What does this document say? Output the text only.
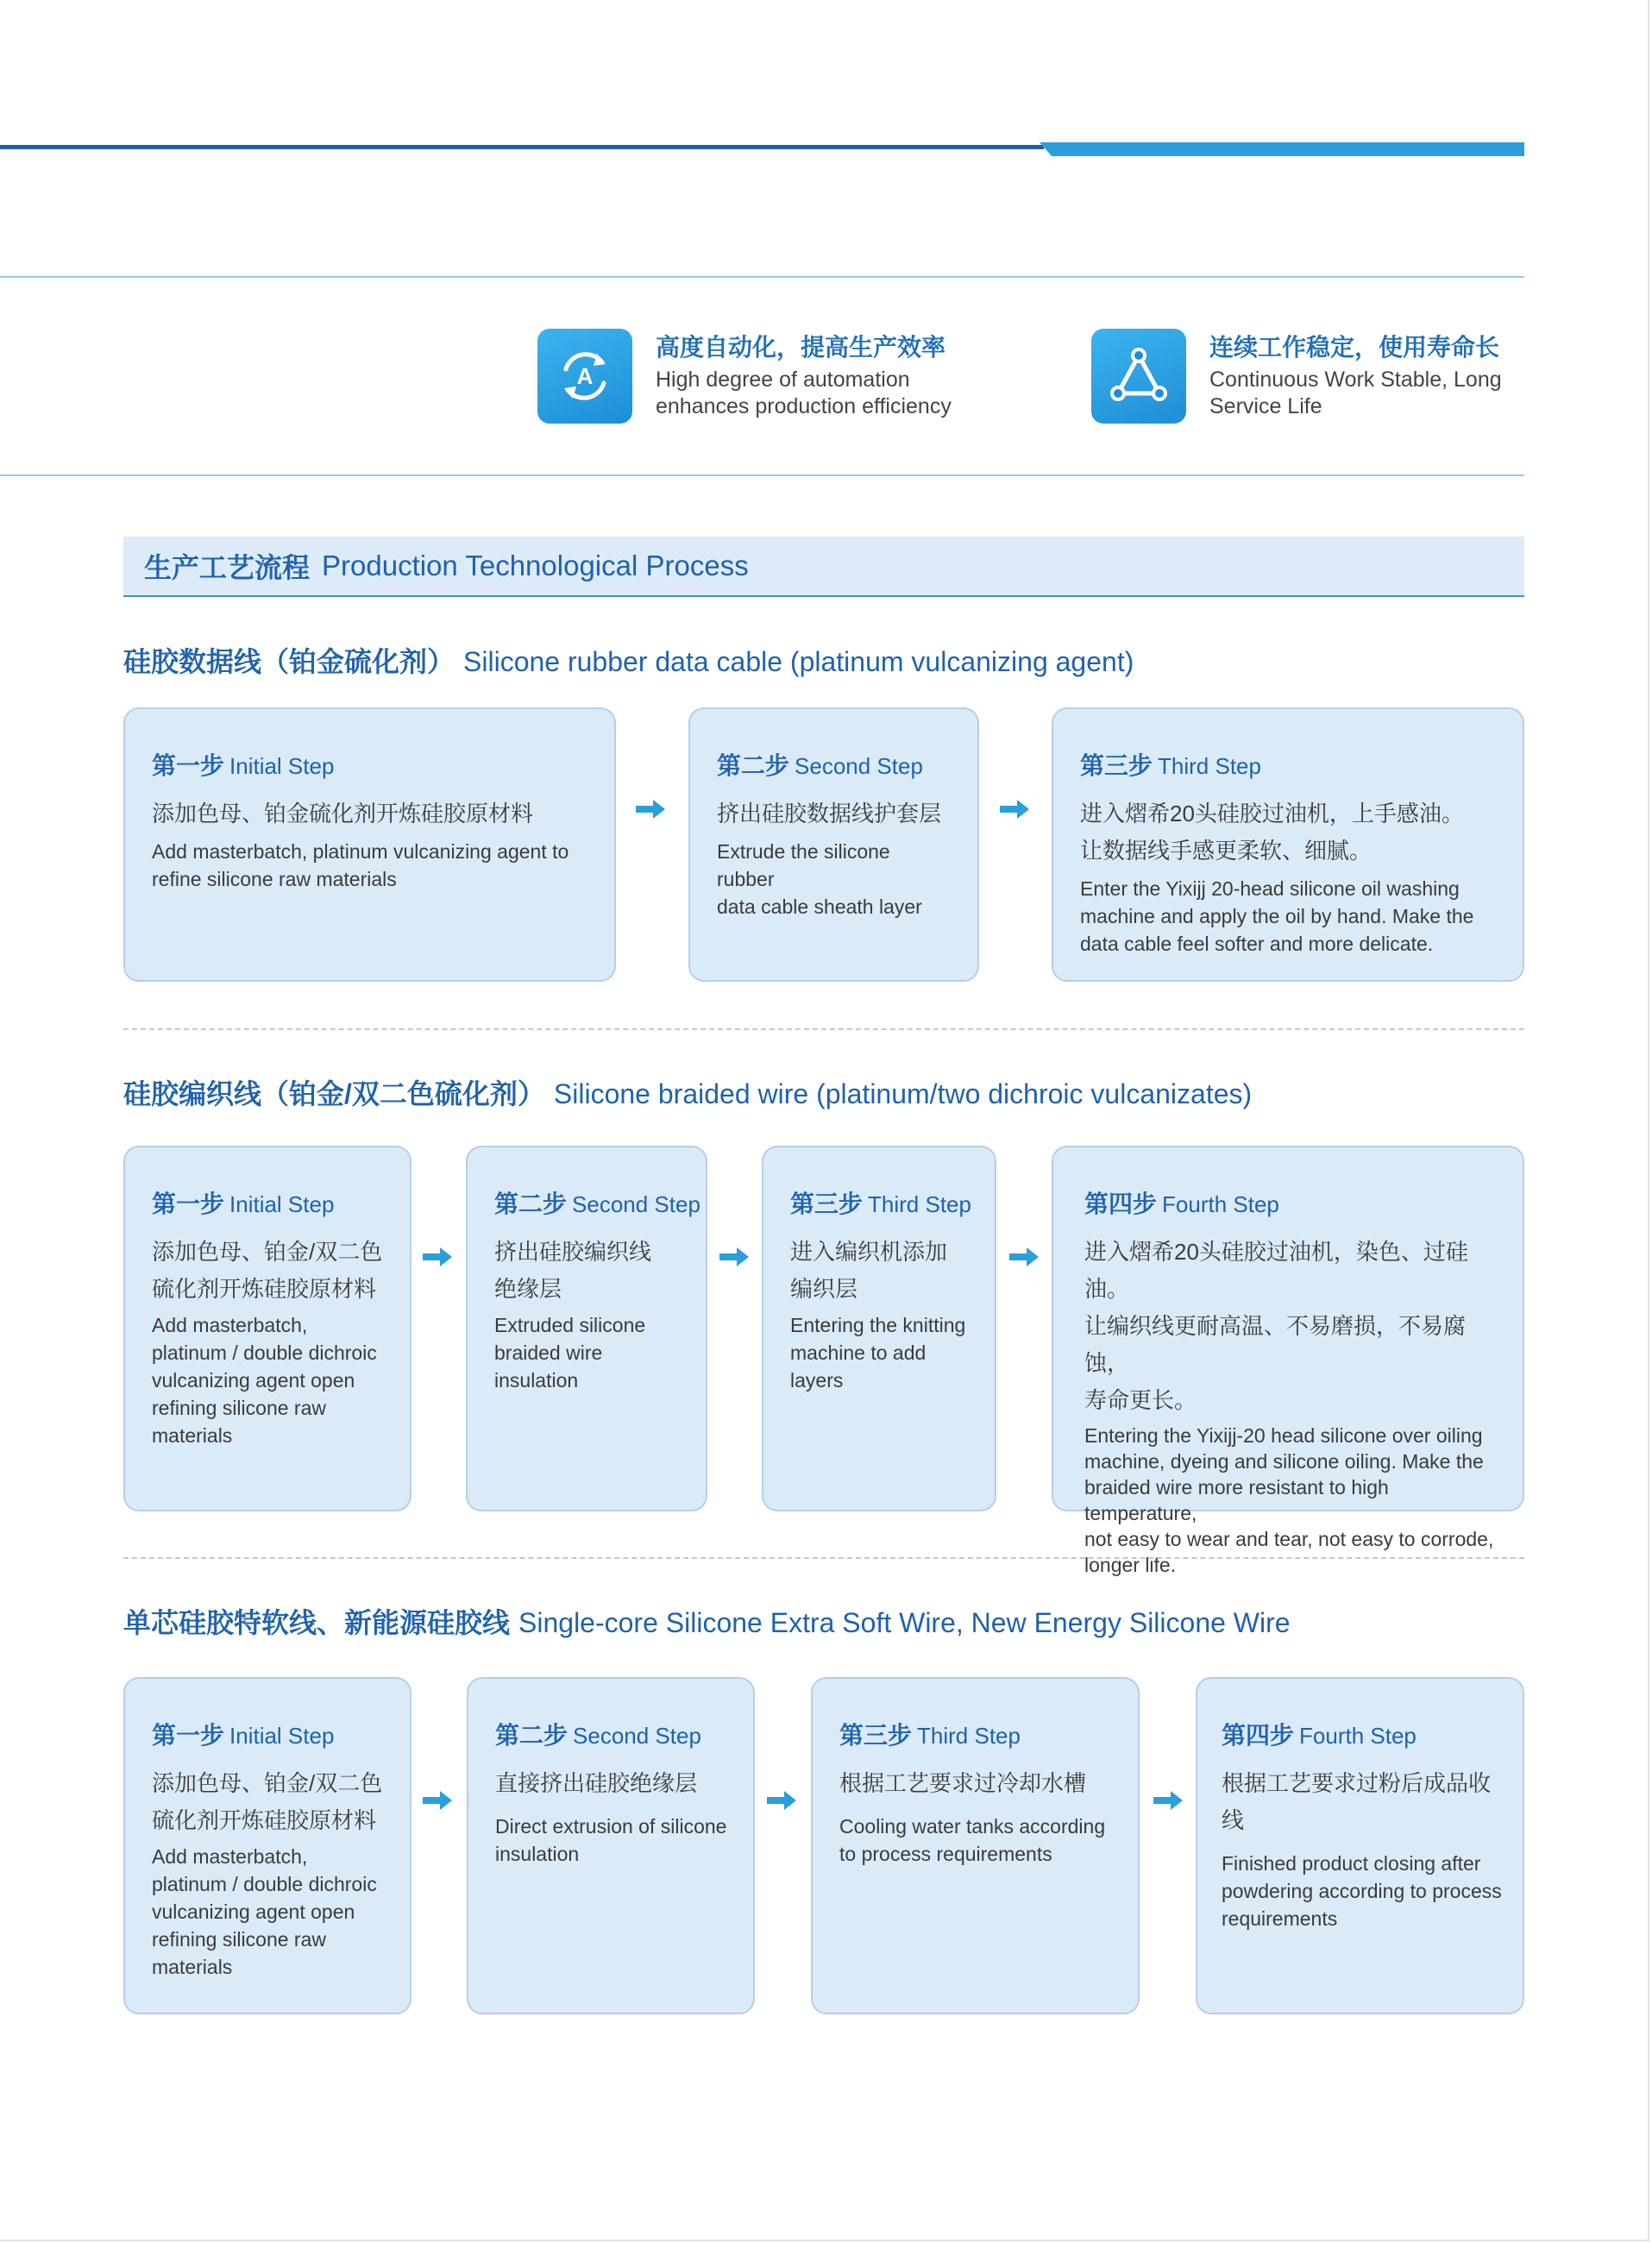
A
高度自动化，提高生产效率
High degree of automation
enhances production efficiency
连续工作稳定，使用寿命长
Continuous Work Stable, Long
Service Life
生产工艺流程 Production Technological Process
硅胶数据线（铂金硫化剂） Silicone rubber data cable (platinum vulcanizing agent)
第一步 Initial Step
添加色母、铂金硫化剂开炼硅胶原材料
Add masterbatch, platinum vulcanizing agent to
refine silicone raw materials
第二步 Second Step
挤出硅胶数据线护套层
Extrude the silicone rubber
data cable sheath layer
第三步 Third Step
进入熠希20头硅胶过油机，上手感油。
让数据线手感更柔软、细腻。
Enter the Yixijj 20-head silicone oil washing
machine and apply the oil by hand. Make the
data cable feel softer and more delicate.
硅胶编织线（铂金/双二色硫化剂） Silicone braided wire (platinum/two dichroic vulcanizates)
第一步 Initial Step
添加色母、铂金/双二色
硫化剂开炼硅胶原材料
Add masterbatch,
platinum / double dichroic
vulcanizing agent open
refining silicone raw
materials
第二步 Second Step
挤出硅胶编织线
绝缘层
Extruded silicone
braided wire insulation
第三步 Third Step
进入编织机添加
编织层
Entering the knitting
machine to add layers
第四步 Fourth Step
进入熠希20头硅胶过油机，染色、过硅油。
让编织线更耐高温、不易磨损，不易腐蚀，
寿命更长。
Entering the Yixijj-20 head silicone over oiling
machine, dyeing and silicone oiling. Make the
braided wire more resistant to high temperature,
not easy to wear and tear, not easy to corrode,
longer life.
单芯硅胶特软线、新能源硅胶线 Single-core Silicone Extra Soft Wire, New Energy Silicone Wire
第一步 Initial Step
添加色母、铂金/双二色
硫化剂开炼硅胶原材料
Add masterbatch,
platinum / double dichroic
vulcanizing agent open
refining silicone raw
materials
第二步 Second Step
直接挤出硅胶绝缘层
Direct extrusion of silicone
insulation
第三步 Third Step
根据工艺要求过冷却水槽
Cooling water tanks according
to process requirements
第四步 Fourth Step
根据工艺要求过粉后成品收线
Finished product closing after
powdering according to process
requirements
